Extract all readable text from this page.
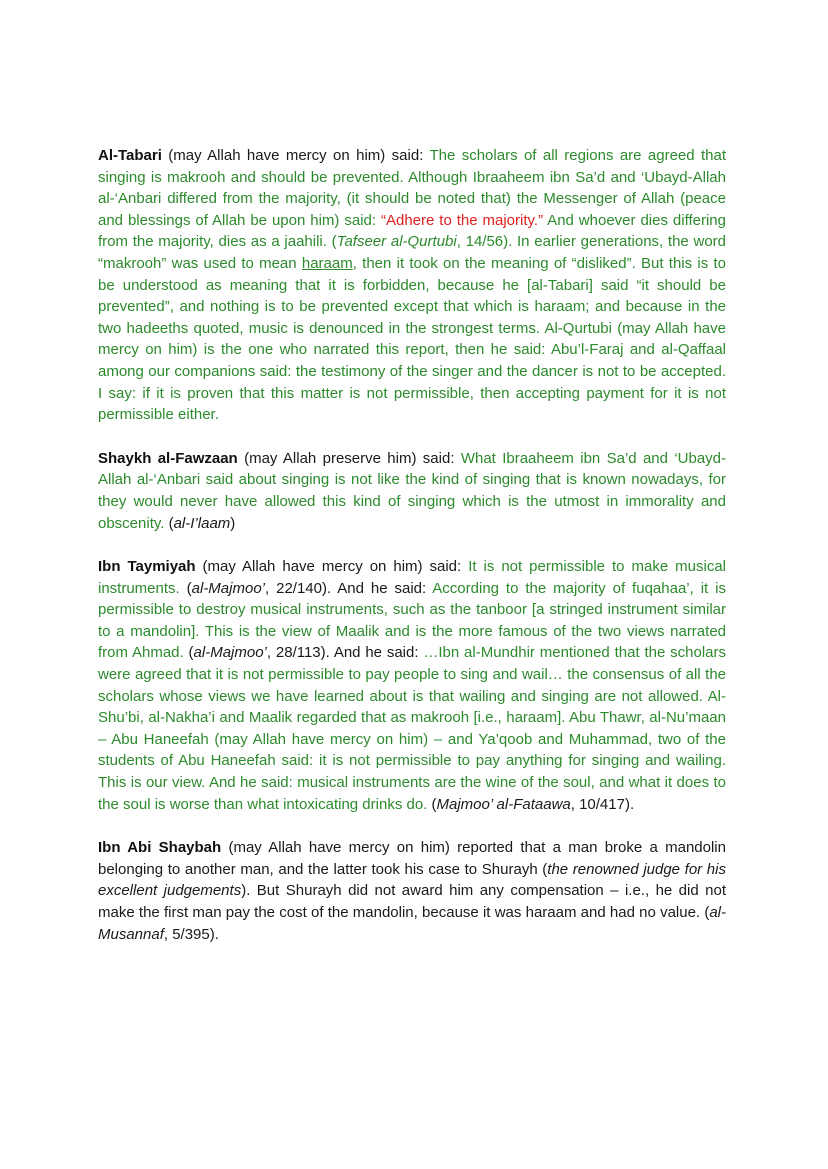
Al-Tabari (may Allah have mercy on him) said: The scholars of all regions are agreed that singing is makrooh and should be prevented. Although Ibraaheem ibn Sa’d and ‘Ubayd-Allah al-‘Anbari differed from the majority, (it should be noted that) the Messenger of Allah (peace and blessings of Allah be upon him) said: “Adhere to the majority.” And whoever dies differing from the majority, dies as a jaahili. (Tafseer al-Qurtubi, 14/56). In earlier generations, the word “makrooh” was used to mean haraam, then it took on the meaning of “disliked”. But this is to be understood as meaning that it is forbidden, because he [al-Tabari] said “it should be prevented”, and nothing is to be prevented except that which is haraam; and because in the two hadeeths quoted, music is denounced in the strongest terms. Al-Qurtubi (may Allah have mercy on him) is the one who narrated this report, then he said: Abu’l-Faraj and al-Qaffaal among our companions said: the testimony of the singer and the dancer is not to be accepted. I say: if it is proven that this matter is not permissible, then accepting payment for it is not permissible either.

Shaykh al-Fawzaan (may Allah preserve him) said: What Ibraaheem ibn Sa’d and ‘Ubayd-Allah al-‘Anbari said about singing is not like the kind of singing that is known nowadays, for they would never have allowed this kind of singing which is the utmost in immorality and obscenity. (al-I’laam)

Ibn Taymiyah (may Allah have mercy on him) said: It is not permissible to make musical instruments. (al-Majmoo’, 22/140). And he said: According to the majority of fuqahaa’, it is permissible to destroy musical instruments, such as the tanboor [a stringed instrument similar to a mandolin]. This is the view of Maalik and is the more famous of the two views narrated from Ahmad. (al-Majmoo’, 28/113). And he said: …Ibn al-Mundhir mentioned that the scholars were agreed that it is not permissible to pay people to sing and wail… the consensus of all the scholars whose views we have learned about is that wailing and singing are not allowed. Al-Shu’bi, al-Nakha’i and Maalik regarded that as makrooh [i.e., haraam]. Abu Thawr, al-Nu’maan – Abu Haneefah (may Allah have mercy on him) – and Ya’qoob and Muhammad, two of the students of Abu Haneefah said: it is not permissible to pay anything for singing and wailing. This is our view. And he said: musical instruments are the wine of the soul, and what it does to the soul is worse than what intoxicating drinks do. (Majmoo’ al-Fataawa, 10/417).

Ibn Abi Shaybah (may Allah have mercy on him) reported that a man broke a mandolin belonging to another man, and the latter took his case to Shurayh (the renowned judge for his excellent judgements). But Shurayh did not award him any compensation – i.e., he did not make the first man pay the cost of the mandolin, because it was haraam and had no value. (al-Musannaf, 5/395).
